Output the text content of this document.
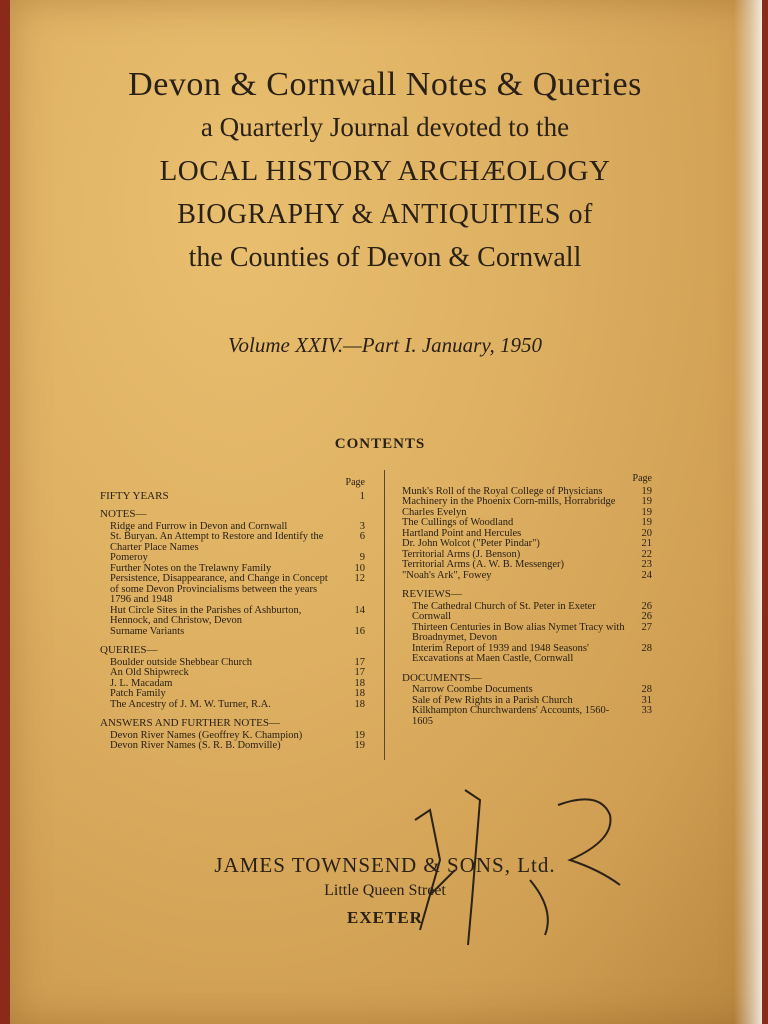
Devon & Cornwall Notes & Queries
a Quarterly Journal devoted to the
LOCAL HISTORY ARCHÆOLOGY
BIOGRAPHY & ANTIQUITIES of
the Counties of Devon & Cornwall
Volume XXIV.—Part I. January, 1950
CONTENTS
Page
FIFTY YEARS	1
NOTES—
Ridge and Furrow in Devon and Cornwall	3
St. Buryan. An Attempt to Restore and Identify the Charter Place Names
6
Pomeroy	9
Further Notes on the Trelawny Family	10
Persistence, Disappearance, and Change in Concept of some Devon Provincialisms between the years 1796 and 1948
12
Hut Circle Sites in the Parishes of Ashburton, Hennock, and Christow, Devon
14
Surname Variants	16
QUERIES—
Boulder outside Shebbear Church	17
An Old Shipwreck	17
J. L. Macadam	18
Patch Family	18
The Ancestry of J. M. W. Turner, R.A.	18
ANSWERS AND FURTHER NOTES—
Devon River Names (Geoffrey K. Champion)	19
Devon River Names (S. R. B. Domville)	19
Page
Munk's Roll of the Royal College of Physicians	19
Machinery in the Phoenix Corn-mills, Horrabridge	19
Charles Evelyn	19
The Cullings of Woodland	19
Hartland Point and Hercules	20
Dr. John Wolcot ("Peter Pindar")	21
Territorial Arms (J. Benson)	22
Territorial Arms (A. W. B. Messenger)	23
"Noah's Ark", Fowey	24
REVIEWS—
The Cathedral Church of St. Peter in Exeter	26
Cornwall	26
Thirteen Centuries in Bow alias Nymet Tracy with Broadnymet, Devon
27
Interim Report of 1939 and 1948 Seasons' Excavations at Maen Castle, Cornwall
28
DOCUMENTS—
Narrow Coombe Documents	28
Sale of Pew Rights in a Parish Church	31
Kilkhampton Churchwardens' Accounts, 1560-1605
33
JAMES TOWNSEND & SONS, Ltd.
Little Queen Street
EXETER
